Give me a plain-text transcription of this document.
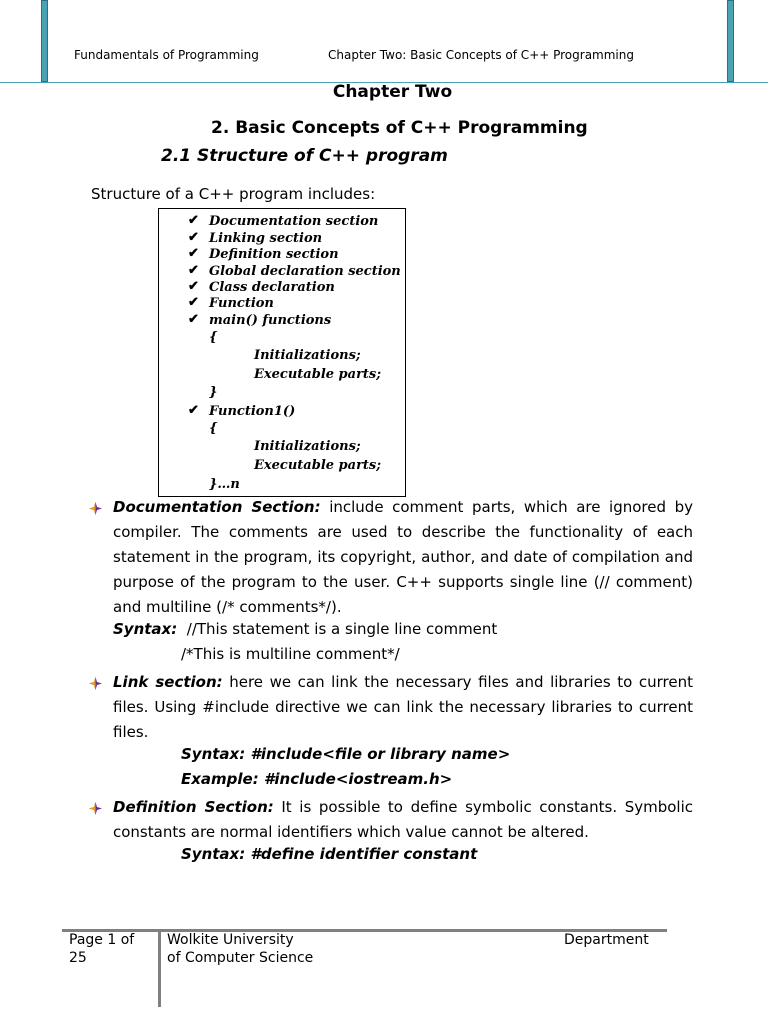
Fundamentals of Programming	Chapter Two: Basic Concepts of C++ Programming
Chapter Two
2. Basic Concepts of C++ Programming
2.1 Structure of C++ program
Structure of a C++ program includes:
✔ Documentation section
✔ Linking section
✔ Definition section
✔ Global declaration section
✔ Class declaration
✔ Function
✔ main() functions
{
Initializations;
Executable parts;
}
✔ Function1()
{
Initializations;
Executable parts;
}…n
Documentation Section: include comment parts, which are ignored by compiler. The comments are used to describe the functionality of each statement in the program, its copyright, author, and date of compilation and purpose of the program to the user. C++ supports single line (// comment) and multiline (/* comments*/).
Syntax: //This statement is a single line comment
/*This is multiline comment*/
Link section: here we can link the necessary files and libraries to current files. Using #include directive we can link the necessary libraries to current files.
Syntax: #include<file or library name>
Example: #include<iostream.h>
Definition Section: It is possible to define symbolic constants. Symbolic constants are normal identifiers which value cannot be altered.
Syntax: #define identifier constant
Page 1 of
25
Wolkite University
of Computer Science
Department
